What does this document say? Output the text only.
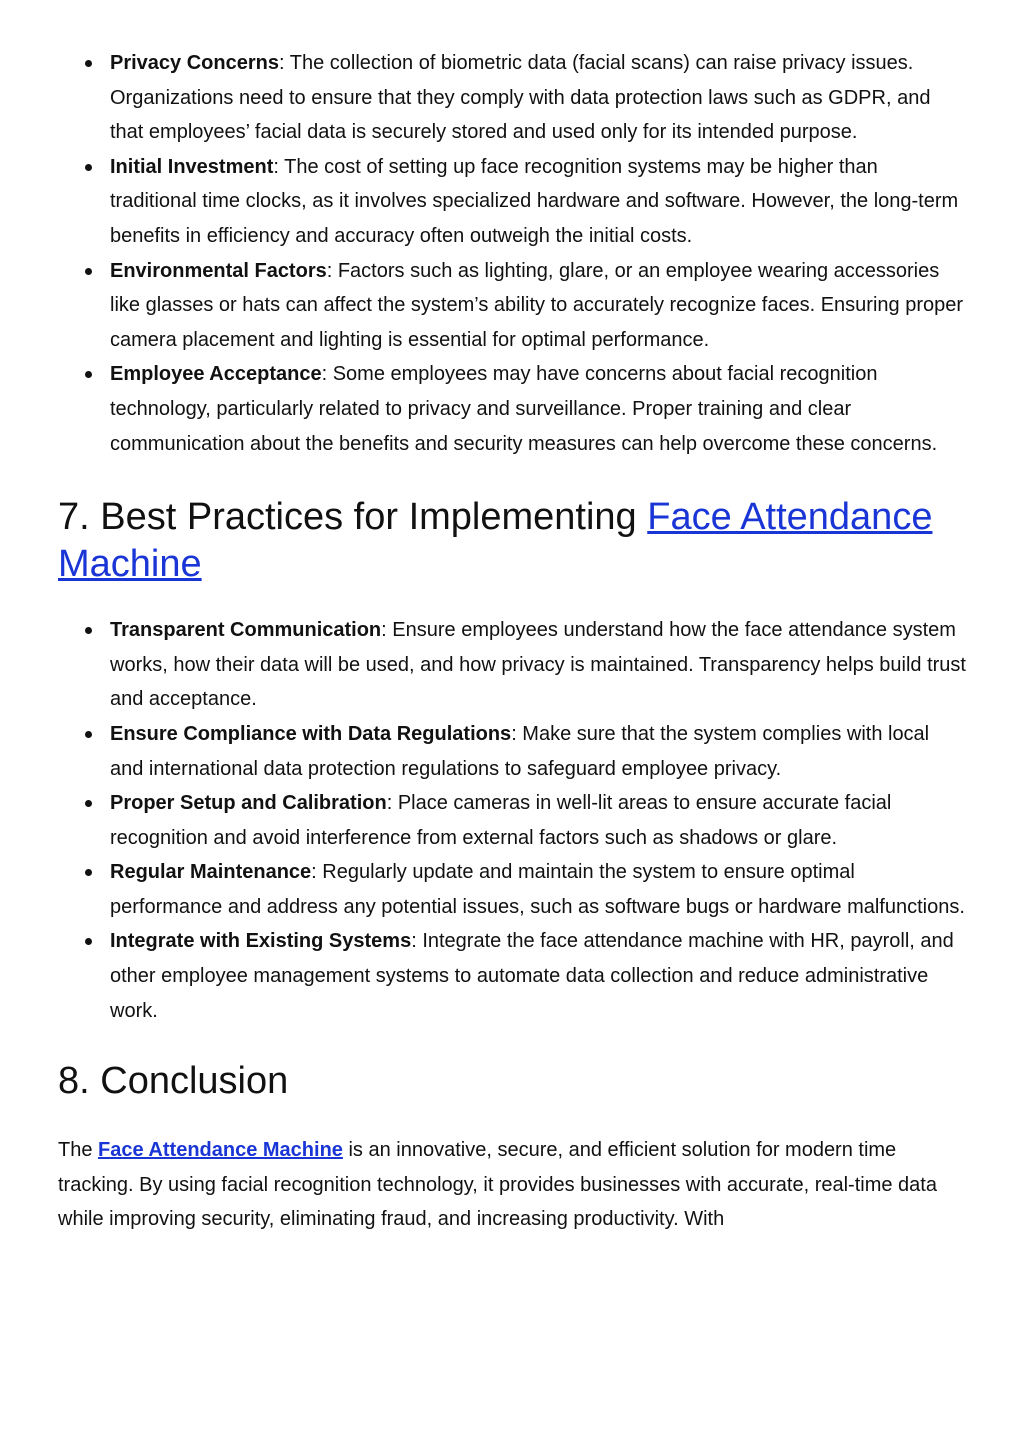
Privacy Concerns: The collection of biometric data (facial scans) can raise privacy issues. Organizations need to ensure that they comply with data protection laws such as GDPR, and that employees’ facial data is securely stored and used only for its intended purpose.
Initial Investment: The cost of setting up face recognition systems may be higher than traditional time clocks, as it involves specialized hardware and software. However, the long-term benefits in efficiency and accuracy often outweigh the initial costs.
Environmental Factors: Factors such as lighting, glare, or an employee wearing accessories like glasses or hats can affect the system’s ability to accurately recognize faces. Ensuring proper camera placement and lighting is essential for optimal performance.
Employee Acceptance: Some employees may have concerns about facial recognition technology, particularly related to privacy and surveillance. Proper training and clear communication about the benefits and security measures can help overcome these concerns.
7. Best Practices for Implementing Face Attendance Machine
Transparent Communication: Ensure employees understand how the face attendance system works, how their data will be used, and how privacy is maintained. Transparency helps build trust and acceptance.
Ensure Compliance with Data Regulations: Make sure that the system complies with local and international data protection regulations to safeguard employee privacy.
Proper Setup and Calibration: Place cameras in well-lit areas to ensure accurate facial recognition and avoid interference from external factors such as shadows or glare.
Regular Maintenance: Regularly update and maintain the system to ensure optimal performance and address any potential issues, such as software bugs or hardware malfunctions.
Integrate with Existing Systems: Integrate the face attendance machine with HR, payroll, and other employee management systems to automate data collection and reduce administrative work.
8. Conclusion

The Face Attendance Machine is an innovative, secure, and efficient solution for modern time tracking. By using facial recognition technology, it provides businesses with accurate, real-time data while improving security, eliminating fraud, and increasing productivity. With
